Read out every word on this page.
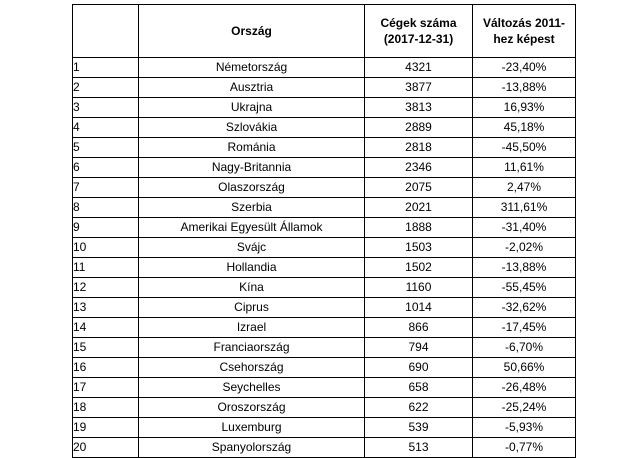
	Ország	Cégek száma (2017-12-31)	Változás 2011-hez képest
1	Németország	4321	-23,40%
2	Ausztria	3877	-13,88%
3	Ukrajna	3813	16,93%
4	Szlovákia	2889	45,18%
5	Románia	2818	-45,50%
6	Nagy-Britannia	2346	11,61%
7	Olaszország	2075	2,47%
8	Szerbia	2021	311,61%
9	Amerikai Egyesült Államok	1888	-31,40%
10	Svájc	1503	-2,02%
11	Hollandia	1502	-13,88%
12	Kína	1160	-55,45%
13	Ciprus	1014	-32,62%
14	Izrael	866	-17,45%
15	Franciaország	794	-6,70%
16	Csehország	690	50,66%
17	Seychelles	658	-26,48%
18	Oroszország	622	-25,24%
19	Luxemburg	539	-5,93%
20	Spanyolország	513	-0,77%
